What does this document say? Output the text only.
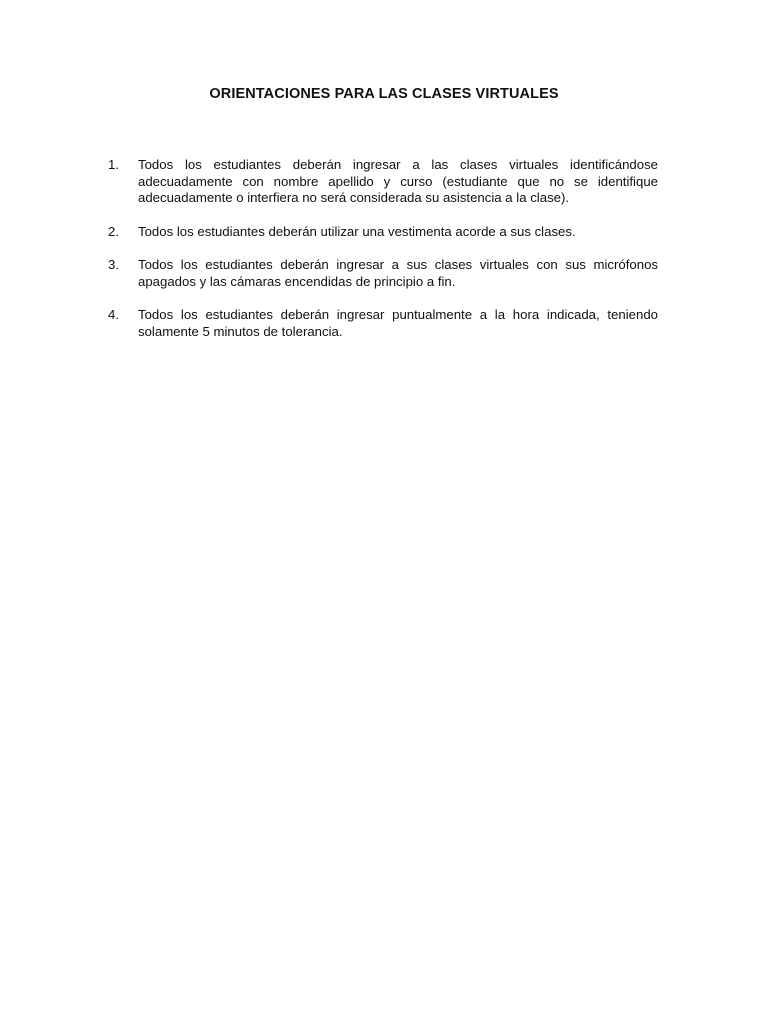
ORIENTACIONES PARA LAS CLASES VIRTUALES
1.	Todos los estudiantes deberán ingresar a las clases virtuales identificándose adecuadamente con nombre apellido y curso (estudiante que no se identifique adecuadamente o interfiera no será considerada su asistencia a la clase).
2.	Todos los estudiantes deberán utilizar una vestimenta acorde a sus clases.
3.	Todos los estudiantes deberán ingresar a sus clases virtuales con sus micrófonos apagados y las cámaras encendidas de principio a fin.
4.	Todos los estudiantes deberán ingresar puntualmente a la hora indicada, teniendo solamente 5 minutos de tolerancia.
